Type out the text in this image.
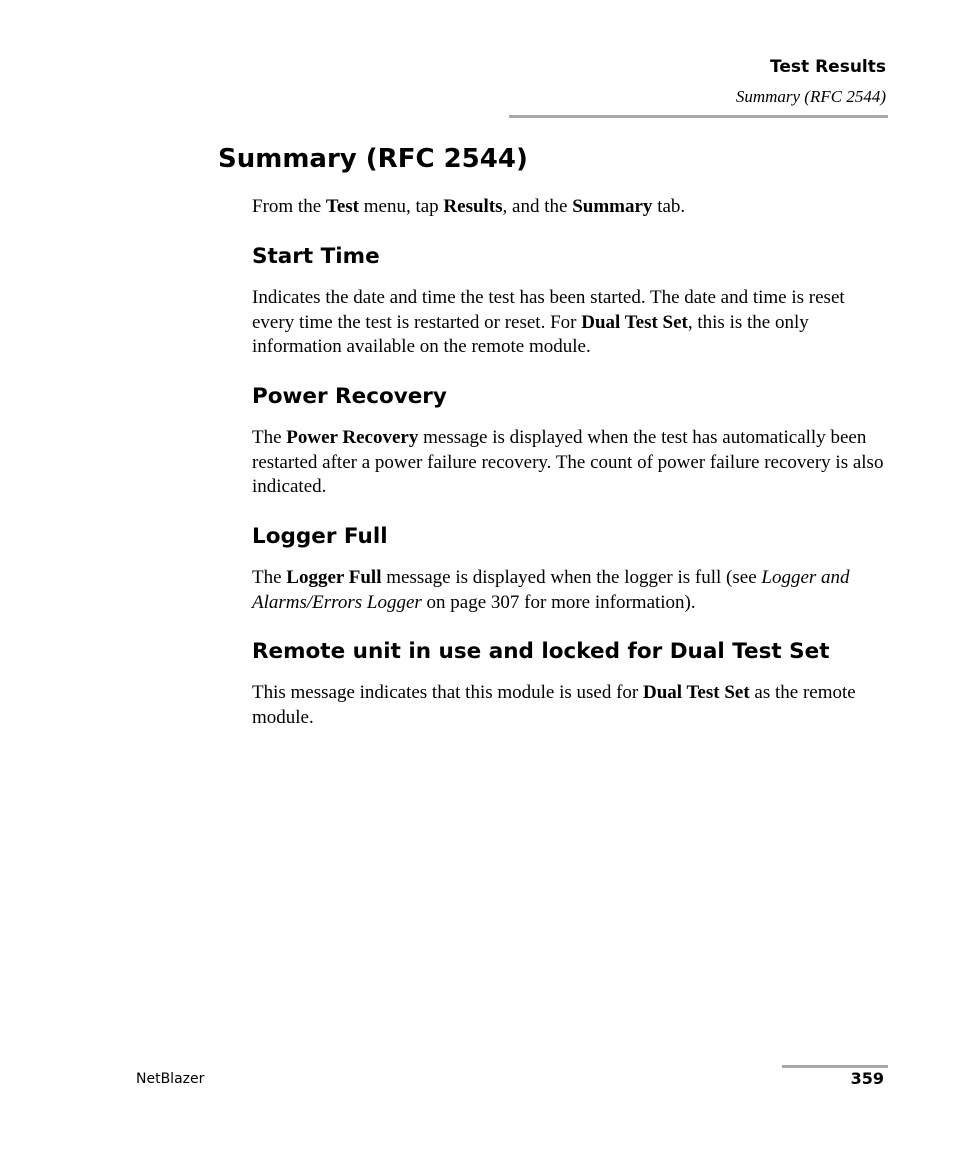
Test Results
Summary (RFC 2544)
Summary (RFC 2544)

From the Test menu, tap Results, and the Summary tab.

Start Time

Indicates the date and time the test has been started. The date and time is reset every time the test is restarted or reset. For Dual Test Set, this is the only information available on the remote module.

Power Recovery

The Power Recovery message is displayed when the test has automatically been restarted after a power failure recovery. The count of power failure recovery is also indicated.

Logger Full

The Logger Full message is displayed when the logger is full (see Logger and Alarms/Errors Logger on page 307 for more information).

Remote unit in use and locked for Dual Test Set

This message indicates that this module is used for Dual Test Set as the remote module.

NetBlazer	359
